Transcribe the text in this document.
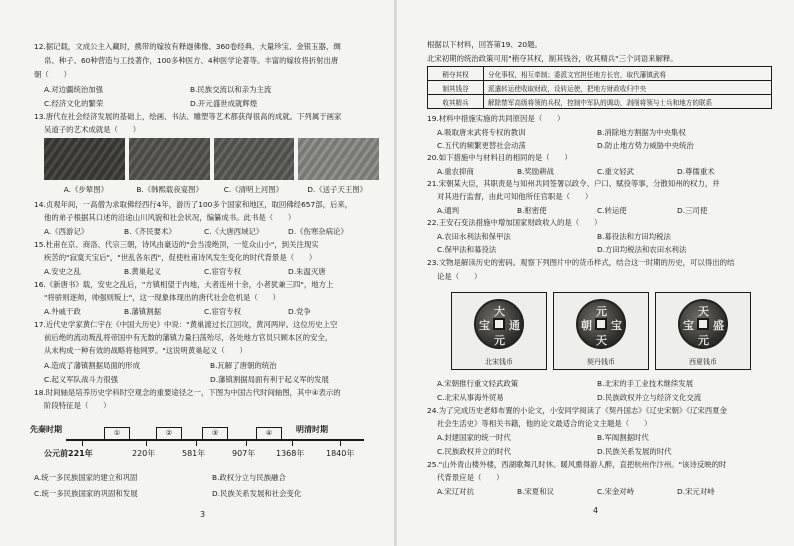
12.据记载，文成公主入藏时，携带的嫁妆有释迦佛像、360卷经典、大量珍宝、金银玉器、绸
帛、种子、60种营造与工技著作，100多种医方、4种医学论著等。丰富的嫁妆将折射出唐
朝（　　）
A.对边疆统治加强	B.民族交流以和亲为主流
C.经济文化的繁荣	D.开元盛世成就辉煌
13.唐代在社会经济发展的基础上，绘画、书法、雕塑等艺术都获得很高的成就。下列属于画家
吴道子的艺术成就是（　　）
A.《步辇图》	B.《韩熙载夜宴图》	C.《清明上河图》	D.《送子天王图》
14.贞观年间，一高僧为求取佛经西行4年，游历了100多个国家和地区，取回佛经657部，后来，
他的弟子根据其口述的沿途山川风貌和社会状况，编纂成书。此书是（　　）
A.《西游记》	B.《齐民要术》	C.《大唐西域记》	D.《伤寒杂病论》
15.杜甫在京、商洛、代宗三朝，诗风由豪迈的"会当凌绝顶，一览众山小"，到关注现实
疾苦的"寂寞天宝后"，"世乱各东西"，促使杜甫诗风发生变化的时代背景是（　　）
A.安史之乱	B.黄巢起义	C.宦官专权	D.朱温灭唐
16.《新唐书》载，安史之乱后，"方镇相望于内地，大者连州十余，小者犹兼三四"，地方上
"将骄则逐帅，帅强则叛上"，这一现象体现出的唐代社会危机是（　　）
A.外戚干政	B.藩镇割据	C.宦官专权	D.党争
17.近代史学家黄仁宇在《中国大历史》中说："黄巢渡过长江回攻，黄河两岸。这位历史上空
前后绝的流动叛乱将帝国中有无数的藩镇力量扫荡殆尽，各处地方官员只顾本区的安全，
从未构成一种有效的战略将他网罗。"这说明黄巢起义（　　）
A.造成了藩镇割据局面的形成	B.瓦解了唐朝的统治
C.起义军队战斗力很强	D.藩镇割据局面有利于起义军的发展
18.时间轴是培养历史学科时空观念的重要途径之一，下图为中国古代时间轴图，其中④表示的
阶段特征是（　　）
先秦时期	明清时期
①	②	③	④
公元前221年	220年	581年	907年	1368年	1840年
A.统一多民族国家的建立和巩固	B.政权分立与民族融合
C.统一多民族国家的巩固和发展	D.民族关系发展和社会变化
3
根据以下材料，回答第19、20题。
北宋初期的统治政策可用"稍夺其权，制其钱谷，收其精兵"三个词语来解释。
稍夺其权	分化事权，相互牵制；委派文官担任地方长官，取代藩镇武将
制其钱谷	派遣转运使收取财政，设转运使，把地方财政收归中央
收其精兵	解除禁军高级将领的兵权，控制中军队的调动，剥削将领与士兵和地方的联系
19.材料中措施实施的共同原因是（　　）
A.吸取唐末武将专权的教训	B.消除地方割据为中央集权
C.五代的频繁更替社会动荡	D.防止地方势力威胁中央统治
20.如下措施中与材料目的相同的是（　　）
A.重农抑商	B.奖励耕战	C.重文轻武	D.尊儒重术
21.宋朝某大臣，其职责是与知州共同签署以政令、户口、赋役等事，分散知州的权力，并
对其进行监督，由此可知他所任官职是（　　）
A.通判	B.枢密使	C.转运使	D.三司使
22.王安石变法措施中增加国家财政收入的是（　　）
A.农田水利法和保甲法	B.募役法和方田均税法
C.保甲法和募役法	D.方田均税法和农田水利法
23.文物是解读历史的密码。观察下列图片中的货币样式，结合这一时期的历史，可以得出的结
论是（　　）
大
通
元
宝
北宋钱币
元
宝
天
朝
契丹钱币
天
盛
元
宝
西夏钱币
A.宋朝推行重文轻武政策	B.北宋的手工业技术继续发展
C.北宋从事海外贸易	D.民族政权并立与经济文化交流
24.为了完成历史老师布置的小论文，小安同学阅读了《契丹国志》《辽史宋朝》《辽宋西夏金
社会生活史》等相关书籍，他的论文最适合的论文主题是（　　）
A.封建国家的统一时代	B.军阀割据时代
C.民族政权并立的时代	D.民族关系发展的时代
25."山外青山楼外楼，西湖歌舞几时休。暖风熏得游人醉，直把杭州作汴州。"该诗反映的时
代背景应是（　　）
A.宋辽对抗	B.宋夏和议	C.宋金对峙	D.宋元对峙
4
